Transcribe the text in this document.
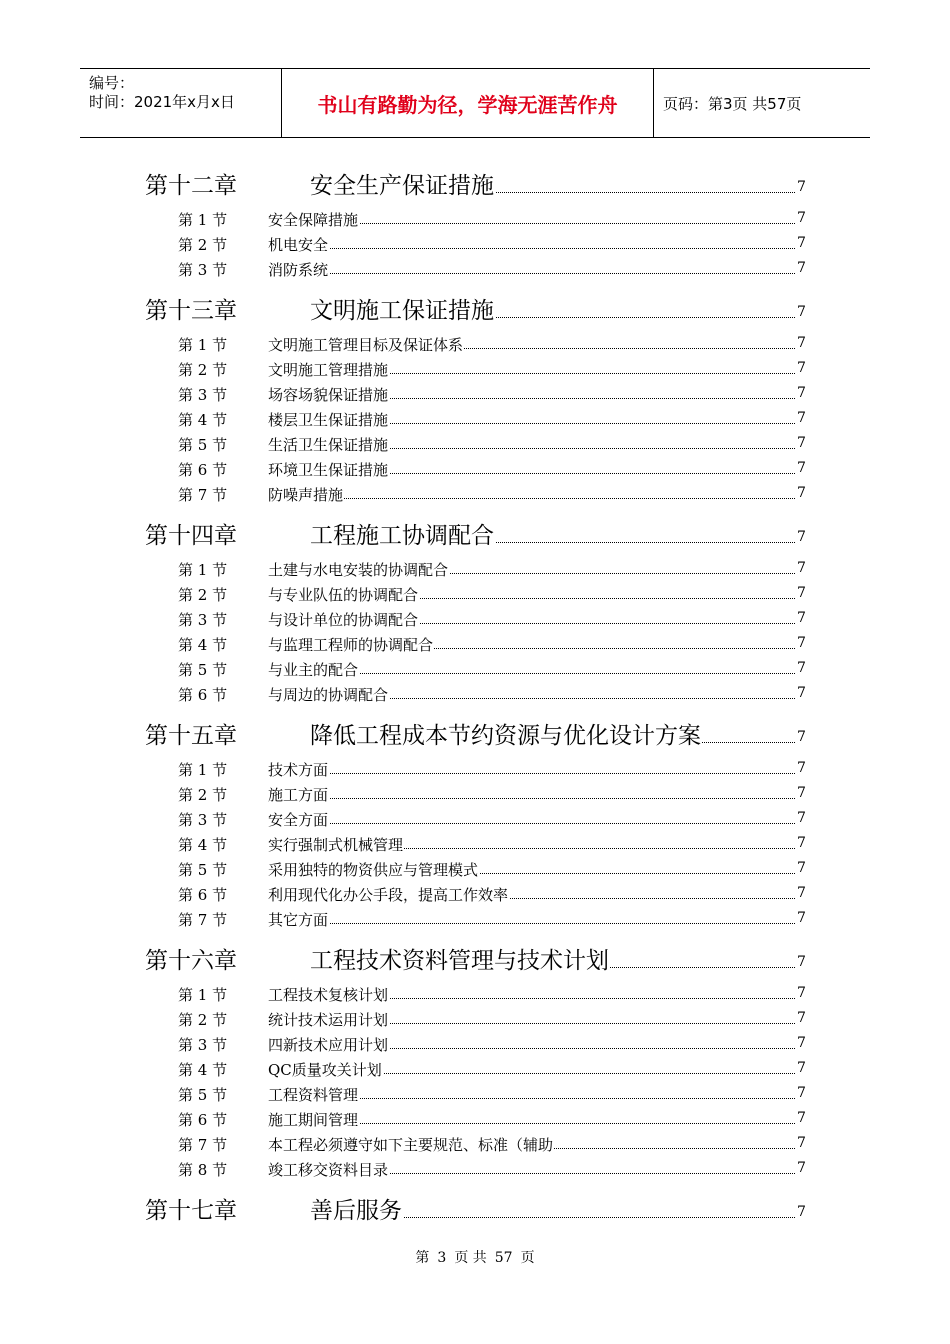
编号：
时间：2021年x月x日	书山有路勤为径，学海无涯苦作舟	页码：第3页 共57页
第十二章	安全生产保证措施	7
第 1 节	安全保障措施	7
第 2 节	机电安全	7
第 3 节	消防系统	7
第十三章	文明施工保证措施	7
第 1 节	文明施工管理目标及保证体系	7
第 2 节	文明施工管理措施	7
第 3 节	场容场貌保证措施	7
第 4 节	楼层卫生保证措施	7
第 5 节	生活卫生保证措施	7
第 6 节	环境卫生保证措施	7
第 7 节	防噪声措施	7
第十四章	工程施工协调配合	7
第 1 节	土建与水电安装的协调配合	7
第 2 节	与专业队伍的协调配合	7
第 3 节	与设计单位的协调配合	7
第 4 节	与监理工程师的协调配合	7
第 5 节	与业主的配合	7
第 6 节	与周边的协调配合	7
第十五章	降低工程成本节约资源与优化设计方案	7
第 1 节	技术方面	7
第 2 节	施工方面	7
第 3 节	安全方面	7
第 4 节	实行强制式机械管理	7
第 5 节	采用独特的物资供应与管理模式	7
第 6 节	利用现代化办公手段，提高工作效率	7
第 7 节	其它方面	7
第十六章	工程技术资料管理与技术计划	7
第 1 节	工程技术复核计划	7
第 2 节	统计技术运用计划	7
第 3 节	四新技术应用计划	7
第 4 节	QC质量攻关计划	7
第 5 节	工程资料管理	7
第 6 节	施工期间管理	7
第 7 节	本工程必须遵守如下主要规范、标准（辅助	7
第 8 节	竣工移交资料目录	7
第十七章	善后服务	7
第 3 页 共 57 页
